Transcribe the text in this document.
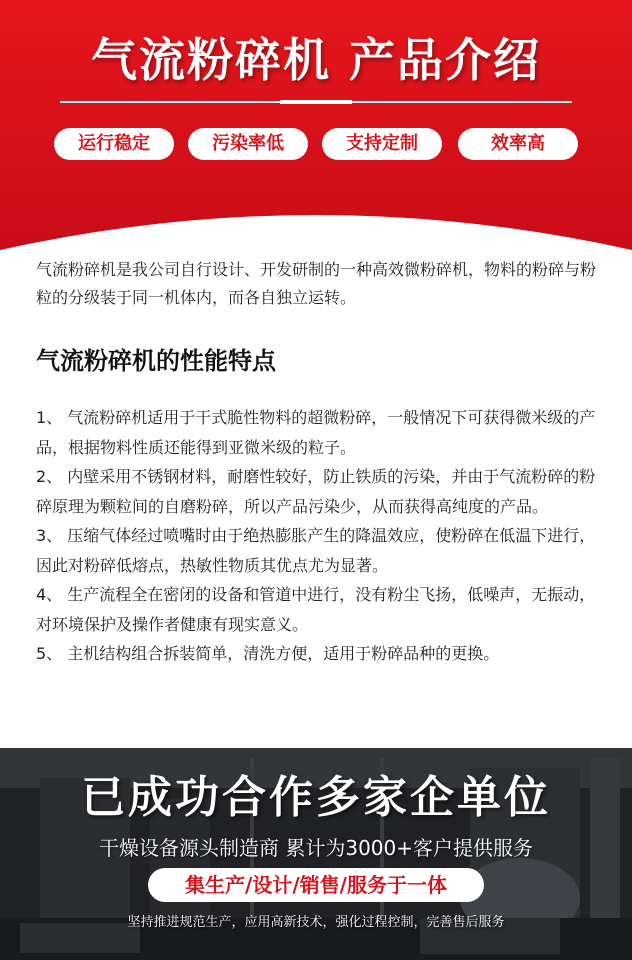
气流粉碎机 产品介绍
运行稳定	污染率低	支持定制	效率高
气流粉碎机是我公司自行设计、开发研制的一种高效微粉碎机，物料的粉碎与粉粒的分级装于同一机体内，而各自独立运转。
气流粉碎机的性能特点

1、 气流粉碎机适用于干式脆性物料的超微粉碎，一般情况下可获得微米级的产品，根据物料性质还能得到亚微米级的粒子。

2、 内壁采用不锈钢材料，耐磨性较好，防止铁质的污染，并由于气流粉碎的粉碎原理为颗粒间的自磨粉碎，所以产品污染少，从而获得高纯度的产品。

3、 压缩气体经过喷嘴时由于绝热膨胀产生的降温效应，使粉碎在低温下进行，因此对粉碎低熔点，热敏性物质其优点尤为显著。

4、 生产流程全在密闭的设备和管道中进行，没有粉尘飞扬，低噪声，无振动，对环境保护及操作者健康有现实意义。

5、 主机结构组合拆装简单，清洗方便，适用于粉碎品种的更换。

已成功合作多家企单位
干燥设备源头制造商 累计为3000+客户提供服务
集生产/设计/销售/服务于一体
坚持推进规范生产，应用高新技术，强化过程控制，完善售后服务
